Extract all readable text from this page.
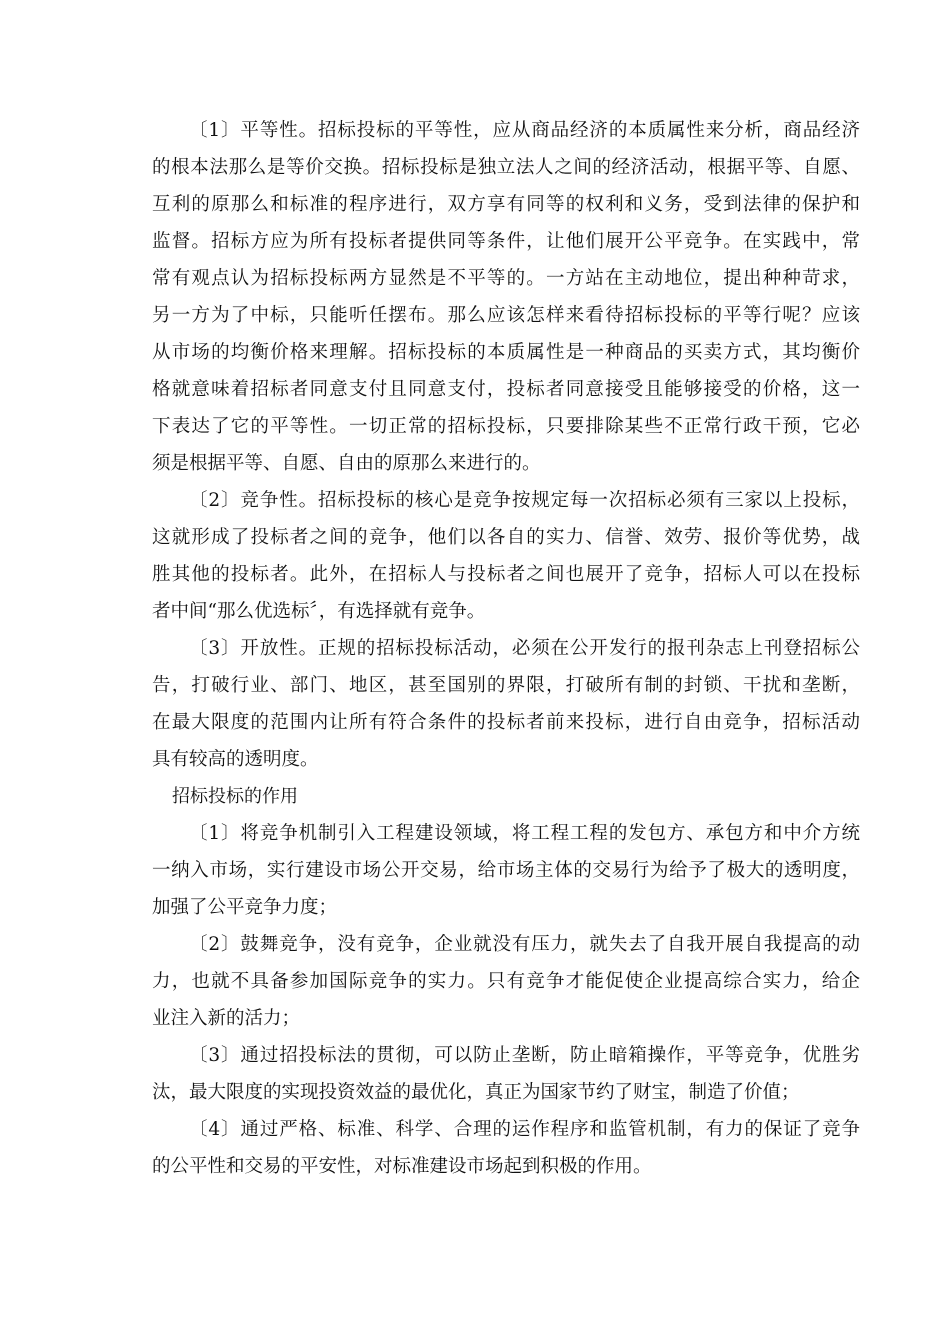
〔1〕平等性。招标投标的平等性，应从商品经济的本质属性来分析，商品经济
的根本法那么是等价交换。招标投标是独立法人之间的经济活动，根据平等、自愿、
互利的原那么和标准的程序进行，双方享有同等的权利和义务，受到法律的保护和
监督。招标方应为所有投标者提供同等条件，让他们展开公平竞争。在实践中，常
常有观点认为招标投标两方显然是不平等的。一方站在主动地位，提出种种苛求，
另一方为了中标，只能听任摆布。那么应该怎样来看待招标投标的平等行呢？应该
从市场的均衡价格来理解。招标投标的本质属性是一种商品的买卖方式，其均衡价
格就意味着招标者同意支付且同意支付，投标者同意接受且能够接受的价格，这一
下表达了它的平等性。一切正常的招标投标，只要排除某些不正常行政干预，它必
须是根据平等、自愿、自由的原那么来进行的。
〔2〕竞争性。招标投标的核心是竞争按规定每一次招标必须有三家以上投标，
这就形成了投标者之间的竞争，他们以各自的实力、信誉、效劳、报价等优势，战
胜其他的投标者。此外，在招标人与投标者之间也展开了竞争，招标人可以在投标
者中间“那么优选标〞，有选择就有竞争。
〔3〕开放性。正规的招标投标活动，必须在公开发行的报刊杂志上刊登招标公
告，打破行业、部门、地区，甚至国别的界限，打破所有制的封锁、干扰和垄断，
在最大限度的范围内让所有符合条件的投标者前来投标，进行自由竞争，招标活动
具有较高的透明度。
招标投标的作用
〔1〕将竞争机制引入工程建设领域，将工程工程的发包方、承包方和中介方统
一纳入市场，实行建设市场公开交易，给市场主体的交易行为给予了极大的透明度，
加强了公平竞争力度；
〔2〕鼓舞竞争，没有竞争，企业就没有压力，就失去了自我开展自我提高的动
力，也就不具备参加国际竞争的实力。只有竞争才能促使企业提高综合实力，给企
业注入新的活力；
〔3〕通过招投标法的贯彻，可以防止垄断，防止暗箱操作，平等竞争，优胜劣
汰，最大限度的实现投资效益的最优化，真正为国家节约了财宝，制造了价值；
〔4〕通过严格、标准、科学、合理的运作程序和监管机制，有力的保证了竞争
的公平性和交易的平安性，对标准建设市场起到积极的作用。
